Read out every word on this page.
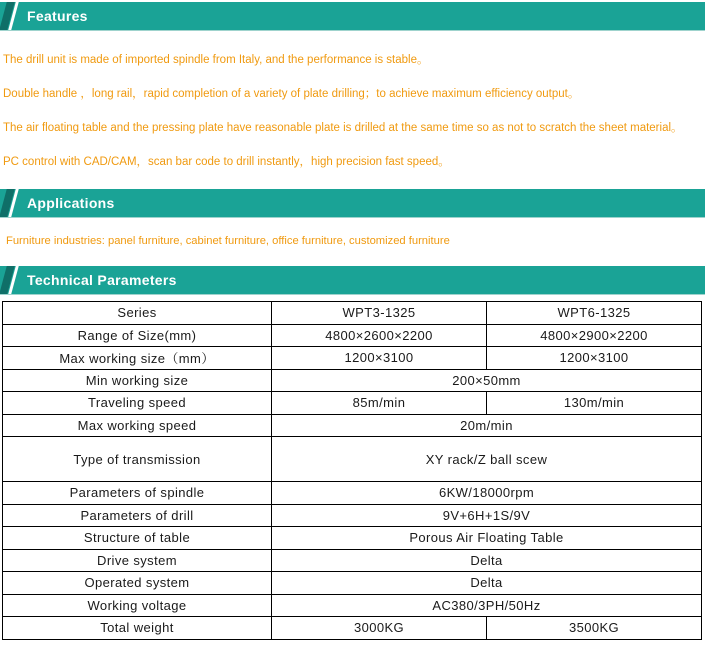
Features
The drill unit is made of imported spindle from Italy, and the performance is stable。
Double handle ，long rail，rapid completion of a variety of plate drilling；to achieve maximum efficiency output。
The air floating table and the pressing plate have reasonable plate is drilled at the same time so as not to scratch the sheet material。
PC control with CAD/CAM，scan bar code to drill instantly，high precision fast speed。
Applications
Furniture industries: panel furniture, cabinet furniture, office furniture, customized furniture
Technical Parameters
Series	WPT3-1325	WPT6-1325
Range of Size(mm)	4800×2600×2200	4800×2900×2200
Max working size（mm）	1200×3100	1200×3100
Min working size	200×50mm	
Traveling speed	85m/min	130m/min
Max working speed	20m/min	
Type of transmission	XY rack/Z ball scew	
Parameters of spindle	6KW/18000rpm	
Parameters of drill	9V+6H+1S/9V	
Structure of table	Porous Air Floating Table	
Drive system	Delta	
Operated system	Delta	
Working voltage	AC380/3PH/50Hz	
Total weight	3000KG	3500KG
